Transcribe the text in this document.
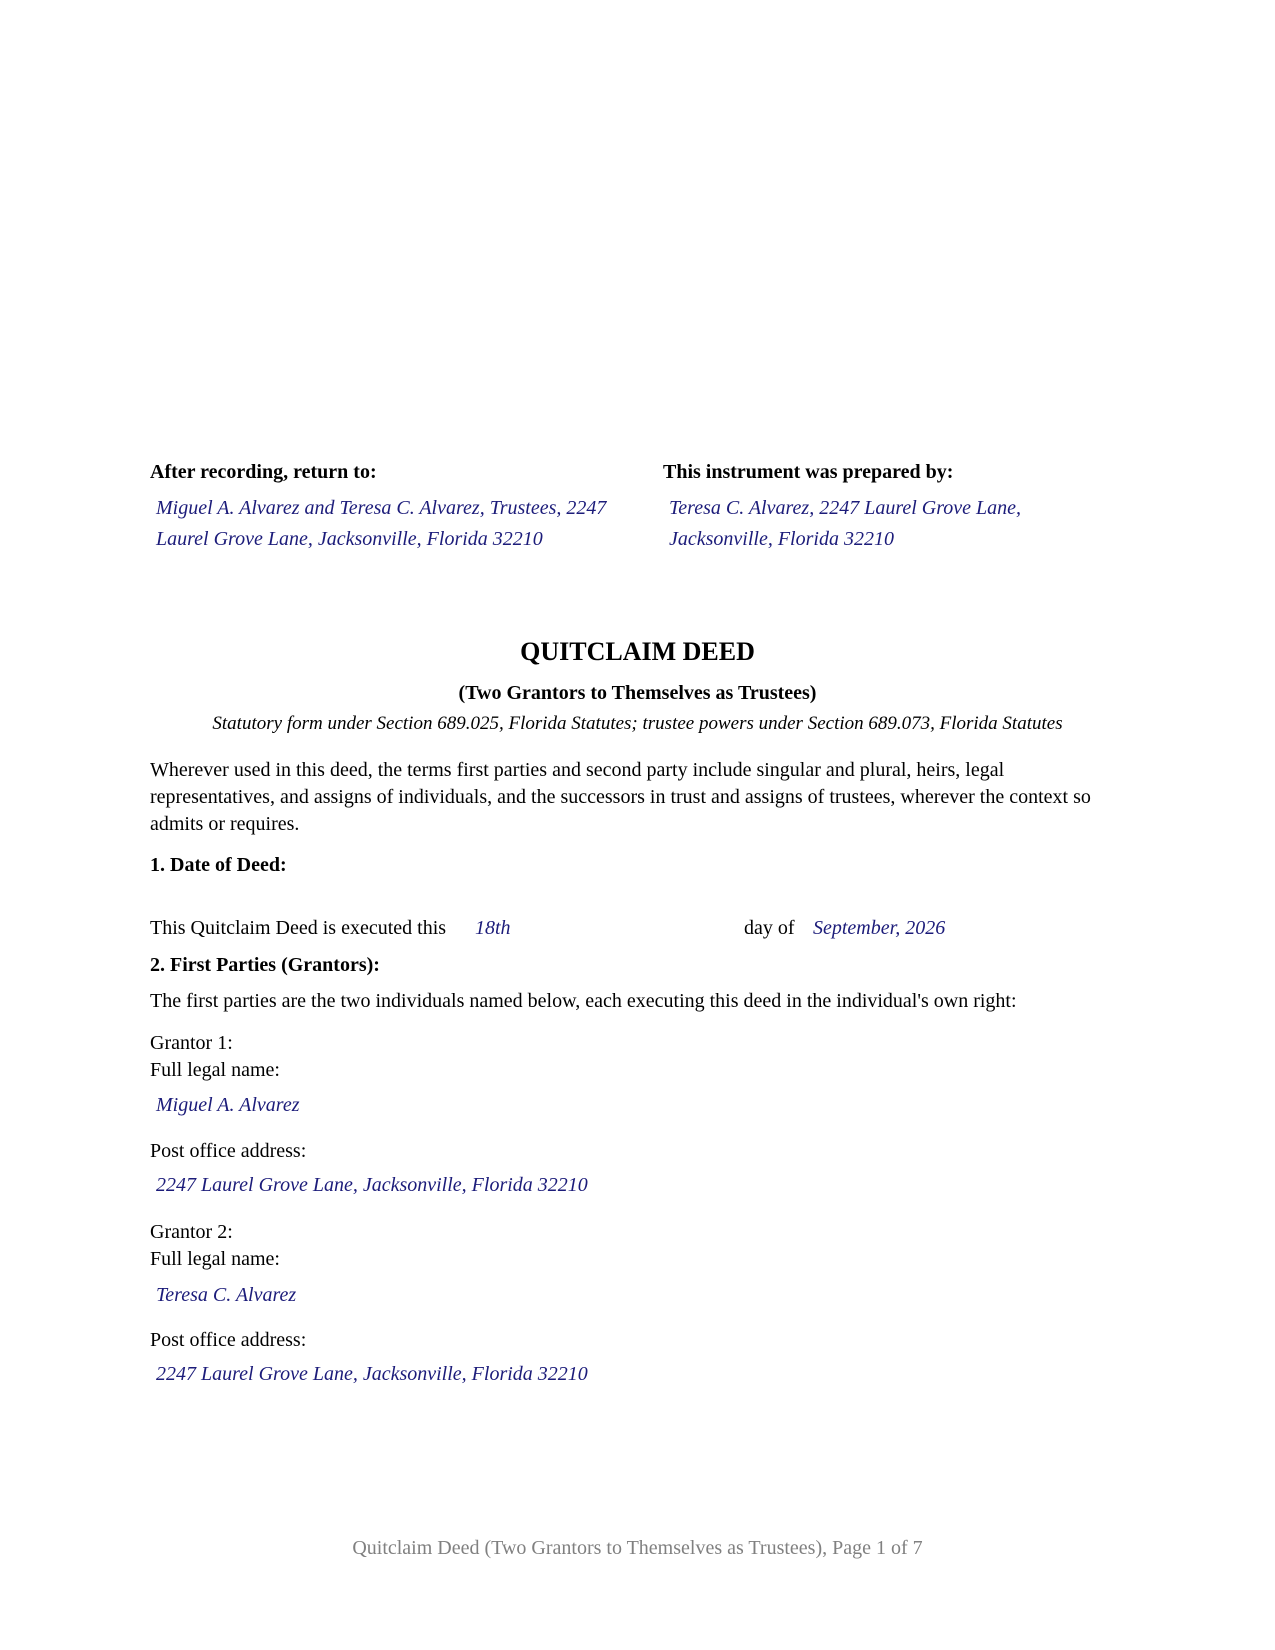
After recording, return to:
Miguel A. Alvarez and Teresa C. Alvarez, Trustees, 2247 Laurel Grove Lane, Jacksonville, Florida 32210
This instrument was prepared by:
Teresa C. Alvarez, 2247 Laurel Grove Lane, Jacksonville, Florida 32210
QUITCLAIM DEED
(Two Grantors to Themselves as Trustees)
Statutory form under Section 689.025, Florida Statutes; trustee powers under Section 689.073, Florida Statutes
Wherever used in this deed, the terms first parties and second party include singular and plural, heirs, legal representatives, and assigns of individuals, and the successors in trust and assigns of trustees, wherever the context so admits or requires.
1. Date of Deed:
This Quitclaim Deed is executed this 18th	day of September, 2026
2. First Parties (Grantors):
The first parties are the two individuals named below, each executing this deed in the individual's own right:
Grantor 1:
Full legal name:
Miguel A. Alvarez
Post office address:
2247 Laurel Grove Lane, Jacksonville, Florida 32210
Grantor 2:
Full legal name:
Teresa C. Alvarez
Post office address:
2247 Laurel Grove Lane, Jacksonville, Florida 32210
Quitclaim Deed (Two Grantors to Themselves as Trustees), Page 1 of 7
